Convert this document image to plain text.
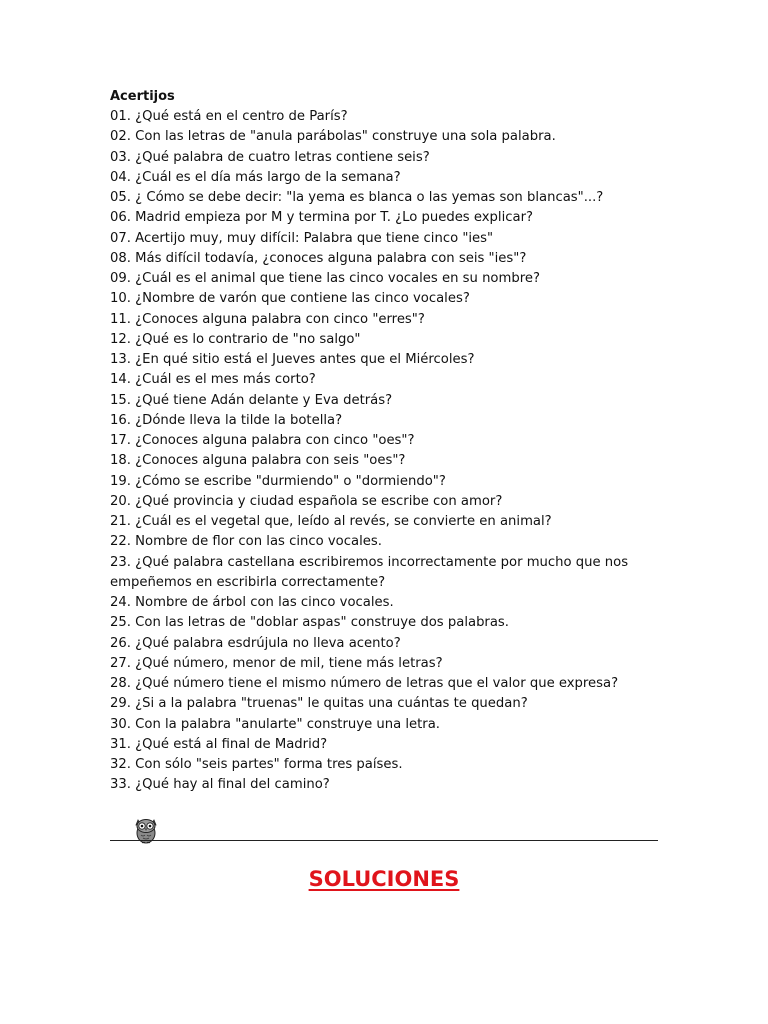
Acertijos

01. ¿Qué está en el centro de París?

02. Con las letras de "anula parábolas" construye una sola palabra.

03. ¿Qué palabra de cuatro letras contiene seis?

04. ¿Cuál es el día más largo de la semana?

05. ¿ Cómo se debe decir: "la yema es blanca o las yemas son blancas"...?

06. Madrid empieza por M y termina por T. ¿Lo puedes explicar?

07. Acertijo muy, muy difícil: Palabra que tiene cinco "ies"

08. Más difícil todavía, ¿conoces alguna palabra con seis "ies"?

09. ¿Cuál es el animal que tiene las cinco vocales en su nombre?

10. ¿Nombre de varón que contiene las cinco vocales?

11. ¿Conoces alguna palabra con cinco "erres"?

12. ¿Qué es lo contrario de "no salgo"

13. ¿En qué sitio está el Jueves antes que el Miércoles?

14. ¿Cuál es el mes más corto?

15. ¿Qué tiene Adán delante y Eva detrás?

16. ¿Dónde lleva la tilde la botella?

17. ¿Conoces alguna palabra con cinco "oes"?

18. ¿Conoces alguna palabra con seis "oes"?

19. ¿Cómo se escribe "durmiendo" o "dormiendo"?

20. ¿Qué provincia y ciudad española se escribe con amor?

21. ¿Cuál es el vegetal que, leído al revés, se convierte en animal?

22. Nombre de flor con las cinco vocales.

23. ¿Qué palabra castellana escribiremos incorrectamente por mucho que nos empeñemos en escribirla correctamente?

24. Nombre de árbol con las cinco vocales.

25. Con las letras de "doblar aspas" construye dos palabras.

26. ¿Qué palabra esdrújula no lleva acento?

27. ¿Qué número, menor de mil, tiene más letras?

28. ¿Qué número tiene el mismo número de letras que el valor que expresa?

29. ¿Si a la palabra "truenas" le quitas una cuántas te quedan?

30. Con la palabra "anularte" construye una letra.

31. ¿Qué está al final de Madrid?

32. Con sólo "seis partes" forma tres países.

33. ¿Qué hay al final del camino?

SOLUCIONES
